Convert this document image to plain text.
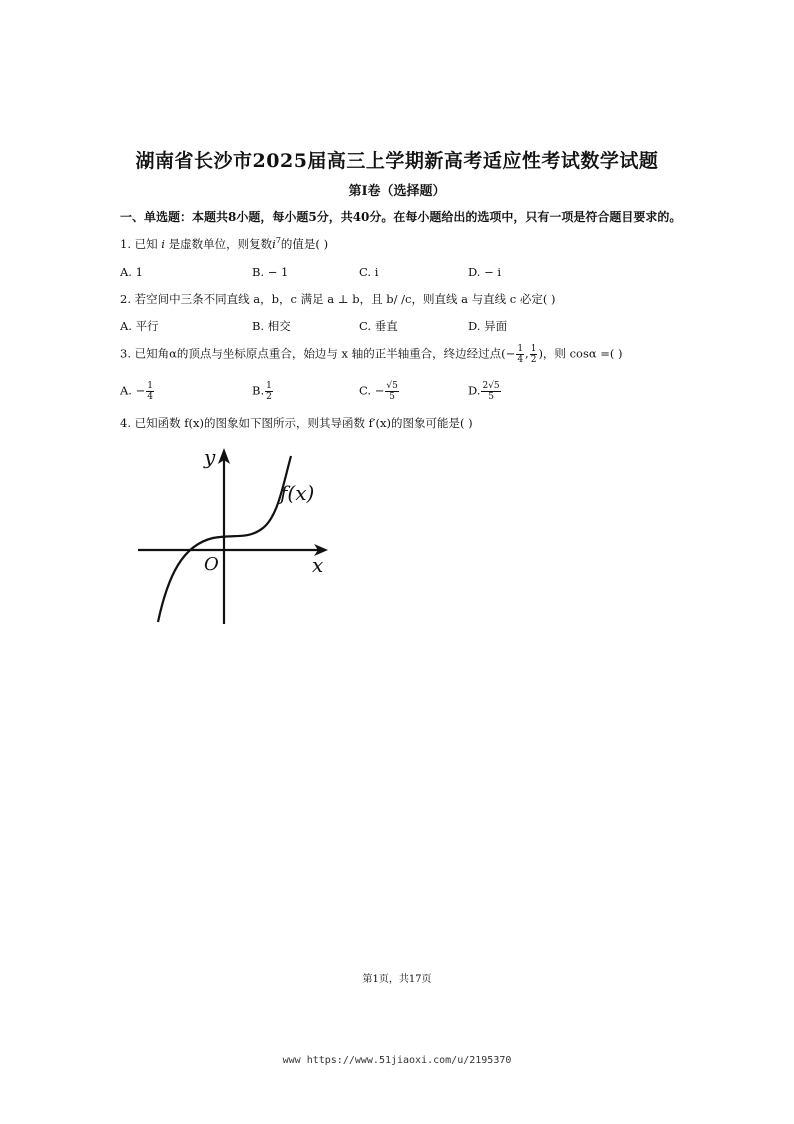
湖南省长沙市2025届高三上学期新高考适应性考试数学试题
第Ⅰ卷（选择题）
一、单选题：本题共8小题，每小题5分，共40分。在每小题给出的选项中，只有一项是符合题目要求的。
1. 已知 i 是虚数单位，则复数$i^7$的值是( )
A. 1	B. − 1	C. i	D. − i
2. 若空间中三条不同直线 a，b，c 满足 a ⊥ b，且 b/ /c，则直线 a 与直线 c 必定( )
A. 平行	B. 相交	C. 垂直	D. 异面
3. 已知角α的顶点与坐标原点重合，始边与 x 轴的正半轴重合，终边经过点(− $\frac{1}{4}$ , $\frac{1}{2}$ )，则 cosα =( )
A. − $\frac{1}{4}$	B. $\frac{1}{2}$	C. − $\frac{√5}{5}$	D. $\frac{2√5}{5}$
4. 已知函数 f(x)的图象如下图所示，则其导函数 f′(x)的图象可能是( )
y
x
O
f(x)
第1页，共17页
www https://www.51jiaoxi.com/u/2195370
